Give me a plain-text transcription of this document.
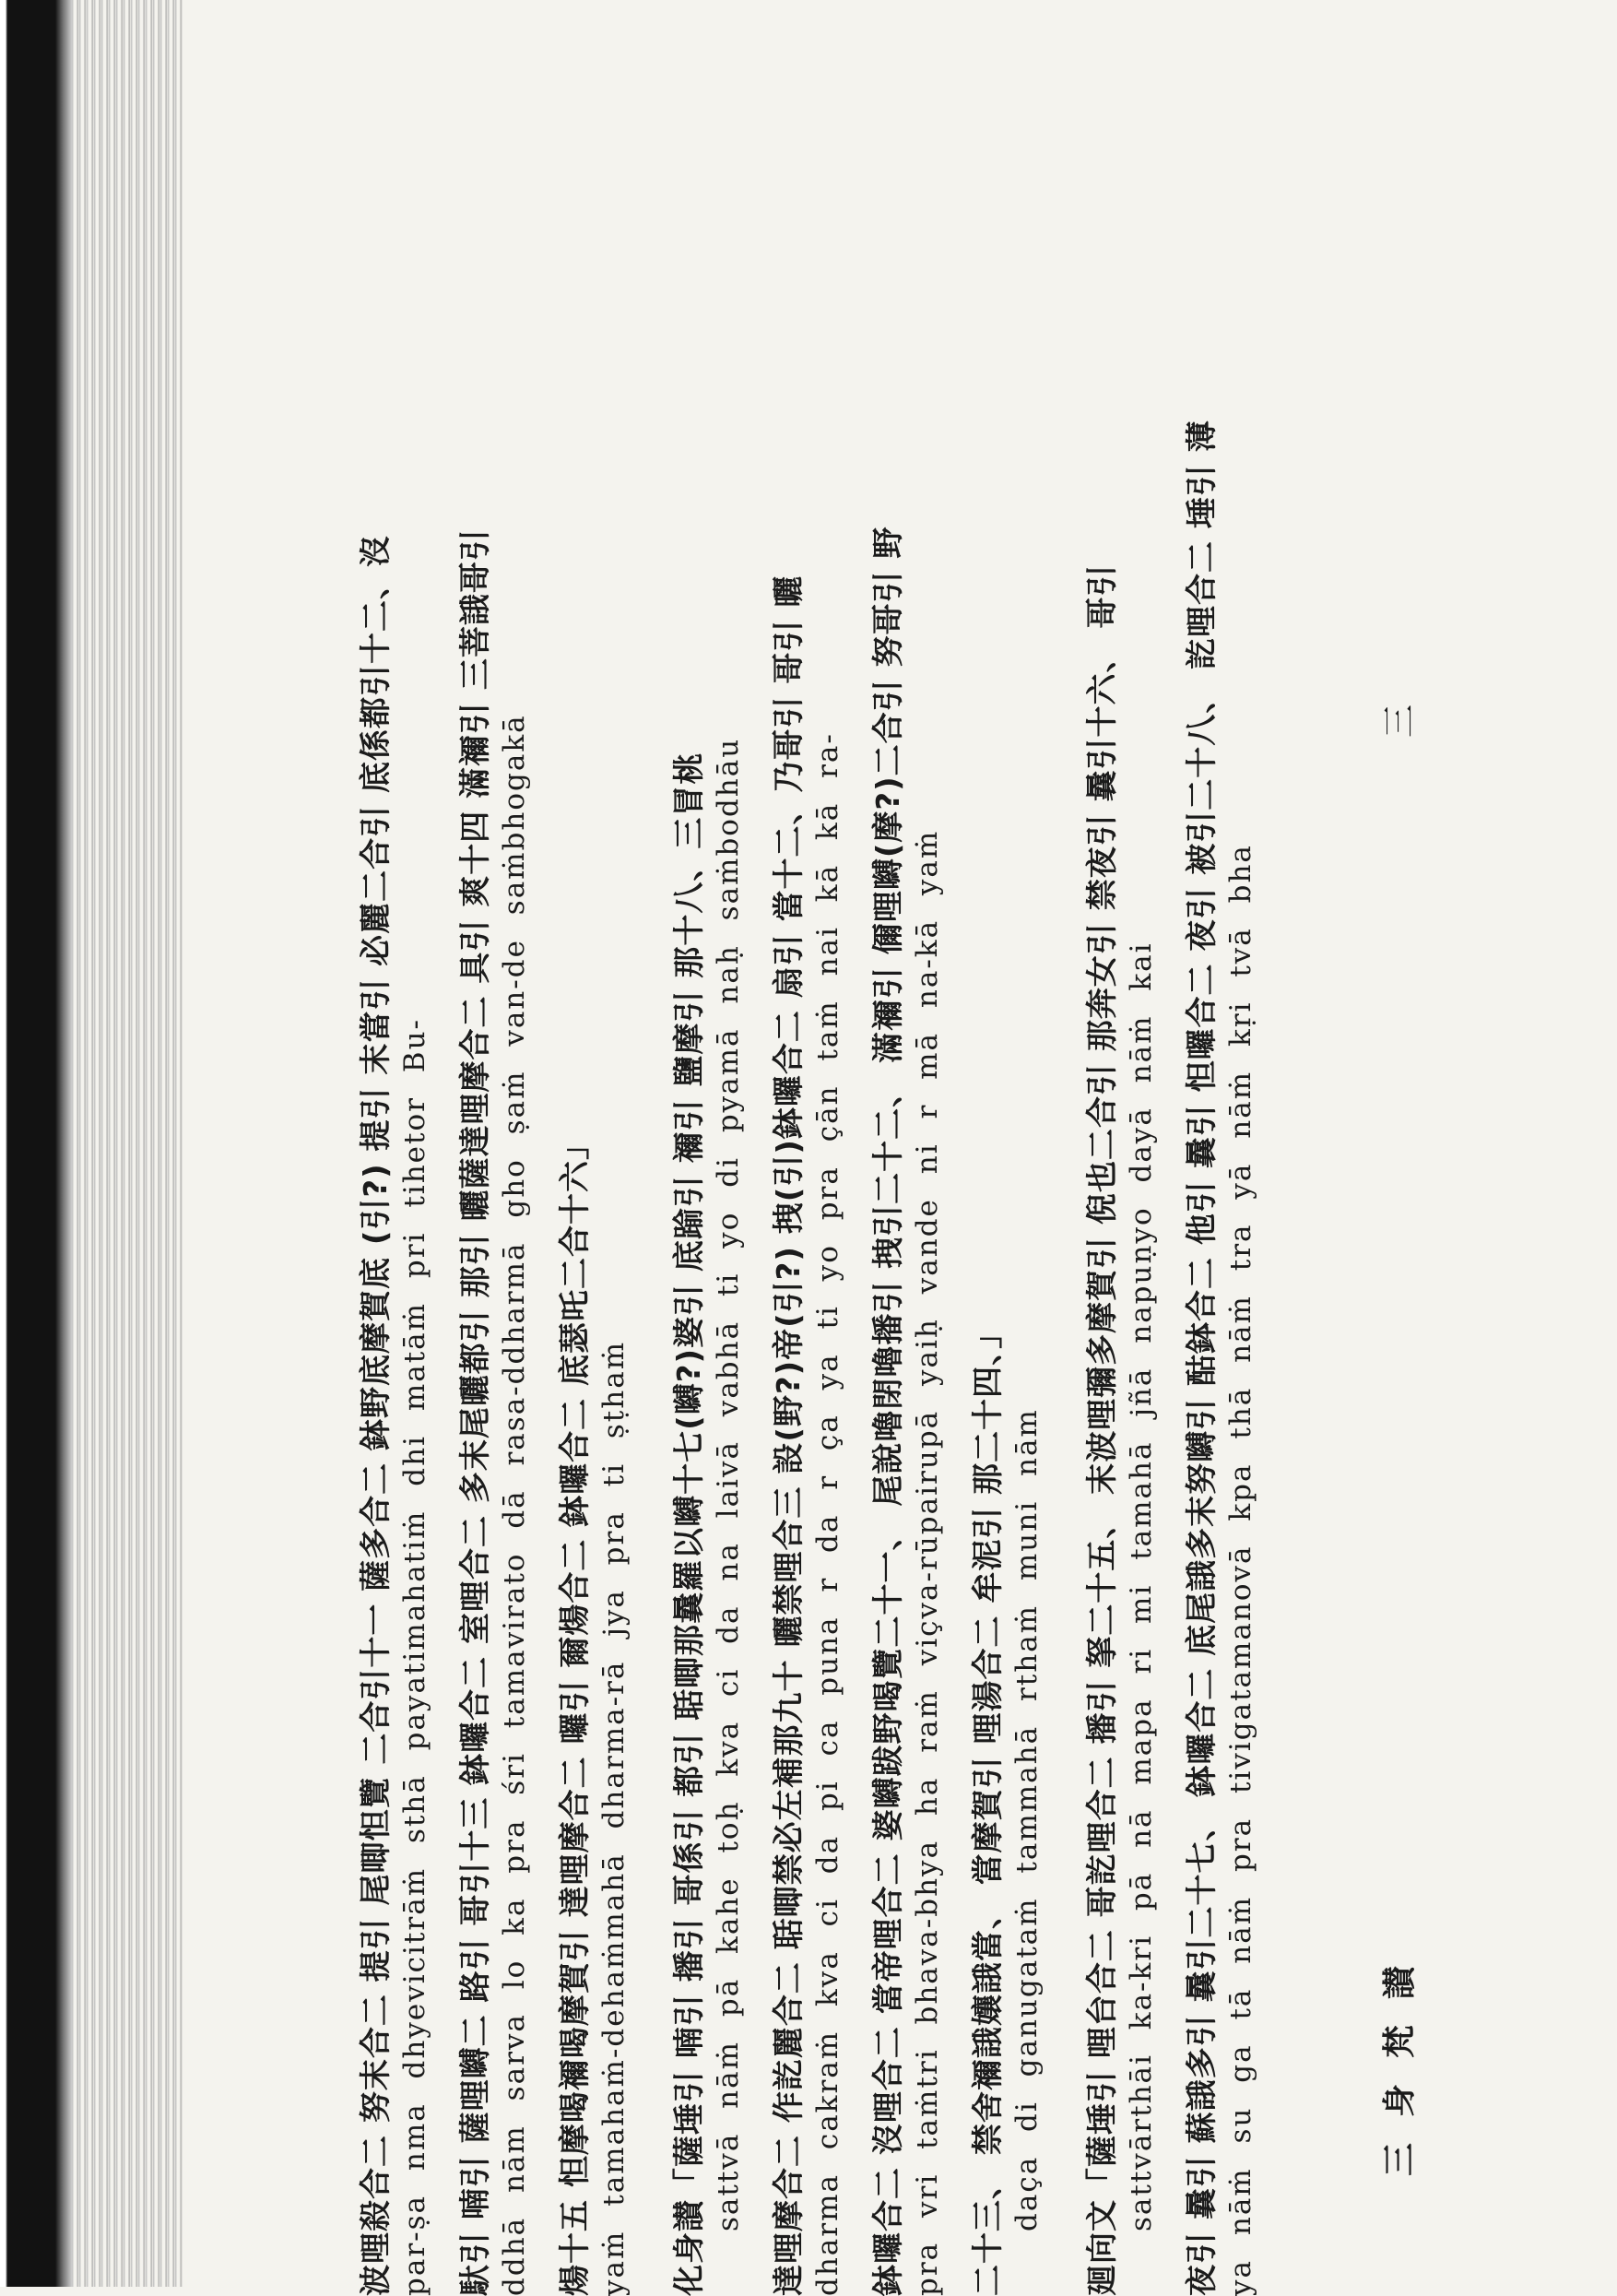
波哩殺合二 努末合二 提引 尾唧怛覽 二合引十一 薩多合二 鉢野底摩賀底 (引?) 提引 末當引 必麗二合引 底係都引十二、沒 par-ṣa nma dhyevicitrāṁ sthā payatimahatiṁ dhi matāṁ pri tihetor Bu- 馱引 喃引 薩哩嚩二 路引 哥引十三 鉢囉合二 室哩合二 多末尾曬都引 那引 曬薩達哩摩合二 具引 爽十四 滿禰引 三菩誐哥引 ddhā nām sarva lo ka pra śri tamavirato dā rasa-ddharmā gho ṣaṁ van-de saṁbhogakā 煬十五 怛摩喝禰喝摩賀引 達哩摩合二 囉引 爾煬合二 鉢囉合二 底瑟吒二合十六」 yaṁ tamahaṁ-dehaṁmahā dharma-rā jya pra ti ṣṭhaṁ 化身讃「薩埵引 喃引 播引 哥係引 都引 聒唧那曩羅以嚩十七(嚩?)婆引 底踰引 禰引 鹽摩引 那十八、三冒桃 sattvā nāṁ pā kahe toḥ kva ci da na laivā vabhā ti yo di pyamā naḥ saṁbodhāu 達哩摩合二 作訖麗合二 聒唧禁必左補那九十 曬禁哩合三 設(野?)帝(引?) 拽(引)鉢囉合二 扇引 當十二、乃哥引 哥引 曬 dharma cakraṁ kva ci da pi ca puna r da r ça ya ti yo pra çān taṁ nai kā kā ra- 鉢囉合二 沒哩合二 當帝哩合二 婆嚩跋野喝覽二十一、 尾說嚕閉嚕播引 拽引二十二、 滿禰引 儞哩嚩(摩?)二合引 努哥引 野 pra vri taṁtri bhava-bhya ha raṁ viçva-rūpairupā yaiḥ vande ni r mā na-kā yaṁ 二十三、 禁舍禰誐孃誐當、 當摩賀引 哩湯合二 牟泥引 那二十四、」 daça di ganugataṁ tammahā rthaṁ muni nām 廻向文「薩埵引 哩台合二 哥訖哩合二 播引 拏二十五、 末波哩彌多摩賀引 倪也二合引 那奔女引 禁夜引 曩引十六、 哥引 sattvārthāi ka-kri pā nā mapa ri mi tamahā jñā napuṇyo dayā nāṁ kai 夜引 曩引 蘇誐多引 曩引二十七、 鉢囉合二 底尾誐多末努嚩引 酤鉢合二 他引 曩引 怛囉合二 夜引 被引二十八、 訖哩合二 埵引 薄 ya nāṁ su ga tā nāṁ pra tivigatamanovā kpa thā nāṁ tra yā nāṁ kṛi tvā bha	三身梵讃
三
